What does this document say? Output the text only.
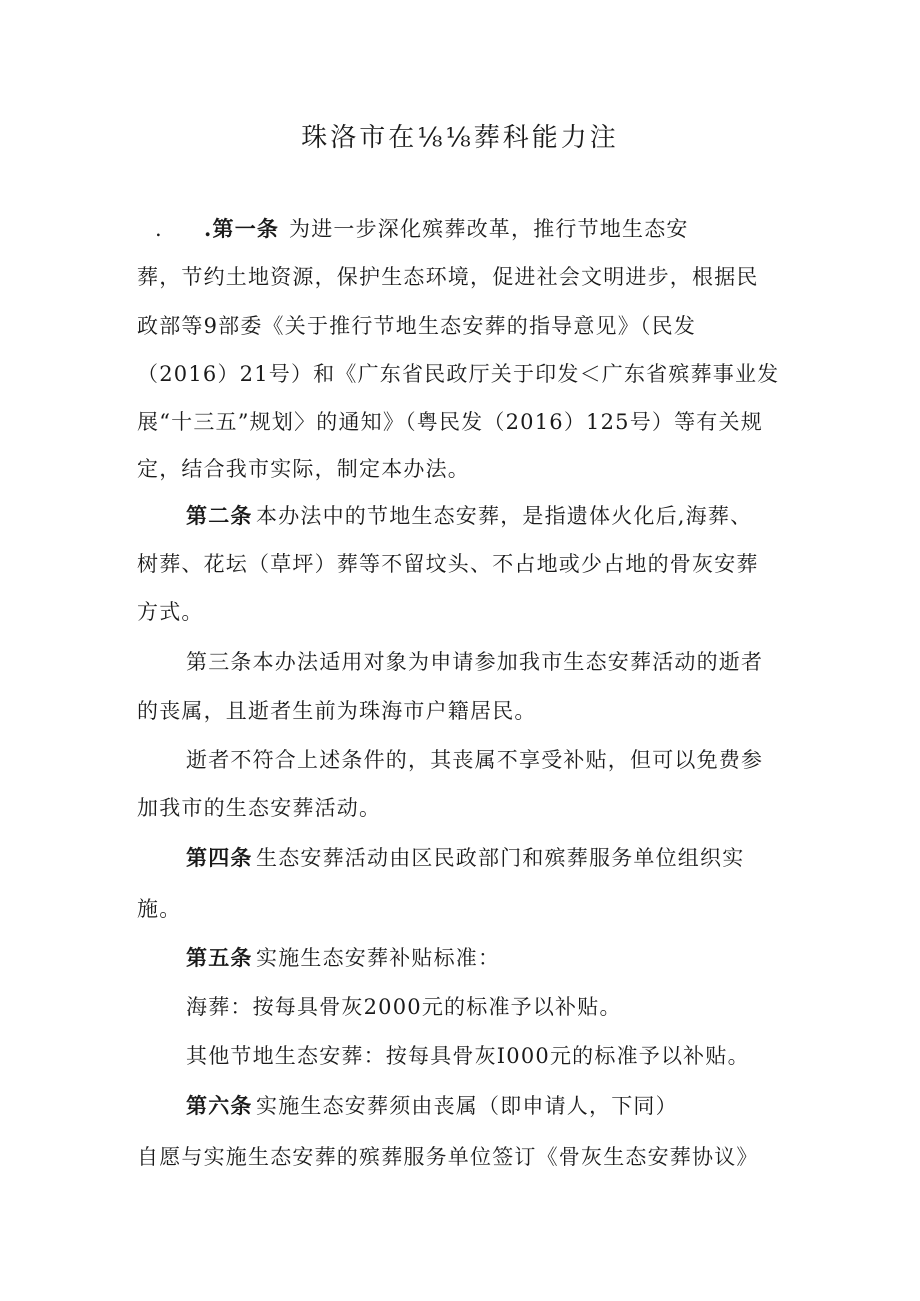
珠洛市在⅛⅛葬科能力注
. .第一条 为进一步深化殡葬改革，推行节地生态安
葬，节约土地资源，保护生态环境，促进社会文明进步，根据民
政部等9部委《关于推行节地生态安葬的指导意见》（民发
（2016）21号）和《广东省民政厅关于印发＜广东省殡葬事业发
展“十三五”规划〉的通知》（粤民发（2016）125号）等有关规
定，结合我市实际，制定本办法。
第二条 本办法中的节地生态安葬，是指遗体火化后,海葬、
树葬、花坛（草坪）葬等不留坟头、不占地或少占地的骨灰安葬
方式。
第三条本办法适用对象为申请参加我市生态安葬活动的逝者
的丧属，且逝者生前为珠海市户籍居民。
逝者不符合上述条件的，其丧属不享受补贴，但可以免费参
加我市的生态安葬活动。
第四条 生态安葬活动由区民政部门和殡葬服务单位组织实
施。
第五条 实施生态安葬补贴标准：
海葬：按每具骨灰2000元的标准予以补贴。
其他节地生态安葬：按每具骨灰I000元的标准予以补贴。
第六条 实施生态安葬须由丧属（即申请人，下同）
自愿与实施生态安葬的殡葬服务单位签订《骨灰生态安葬协议》
